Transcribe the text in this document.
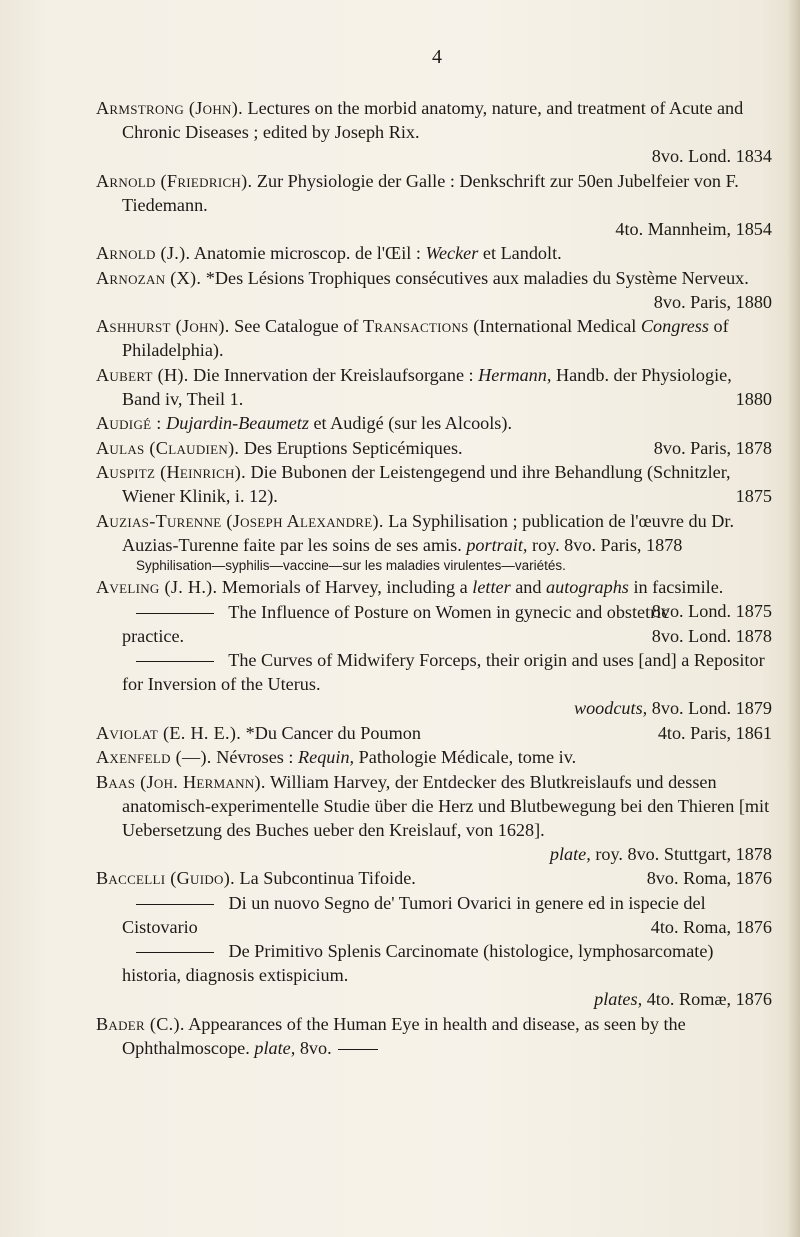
4

Armstrong (John). Lectures on the morbid anatomy, nature, and treatment of Acute and Chronic Diseases ; edited by Joseph Rix.
8vo. Lond. 1834

Arnold (Friedrich). Zur Physiologie der Galle : Denkschrift zur 50en Jubelfeier von F. Tiedemann.
4to. Mannheim, 1854

Arnold (J.). Anatomie microscop. de l'Œil : Wecker et Landolt.

Arnozan (X). *Des Lésions Trophiques consécutives aux maladies du Système Nerveux.
8vo. Paris, 1880

Ashhurst (John). See Catalogue of Transactions (International Medical Congress of Philadelphia).

Aubert (H). Die Innervation der Kreislaufsorgane : Hermann, Handb. der Physiologie, Band iv, Theil 1.	1880

Audigé : Dujardin-Beaumetz et Audigé (sur les Alcools).

Aulas (Claudien). Des Eruptions Septicémiques.	8vo. Paris, 1878

Auspitz (Heinrich). Die Bubonen der Leistengegend und ihre Behandlung (Schnitzler, Wiener Klinik, i. 12).	1875

Auzias-Turenne (Joseph Alexandre). La Syphilisation ; publication de l'œuvre du Dr. Auzias-Turenne faite par les soins de ses amis. portrait, roy. 8vo. Paris, 1878
Syphilisation—syphilis—vaccine—sur les maladies virulentes—variétés.

Aveling (J. H.). Memorials of Harvey, including a letter and autographs in facsimile.
8vo. Lond. 1875

The Influence of Posture on Women in gynecic and obstetric practice.	8vo. Lond. 1878

The Curves of Midwifery Forceps, their origin and uses [and] a Repositor for Inversion of the Uterus.
woodcuts, 8vo. Lond. 1879

Aviolat (E. H. E.). *Du Cancer du Poumon	4to. Paris, 1861

Axenfeld (—). Névroses : Requin, Pathologie Médicale, tome iv.

Baas (Joh. Hermann). William Harvey, der Entdecker des Blutkreislaufs und dessen anatomisch-experimentelle Studie über die Herz und Blutbewegung bei den Thieren [mit Uebersetzung des Buches ueber den Kreislauf, von 1628].
plate, roy. 8vo. Stuttgart, 1878

Baccelli (Guido). La Subcontinua Tifoide.	8vo. Roma, 1876

Di un nuovo Segno de' Tumori Ovarici in genere ed in ispecie del Cistovario	4to. Roma, 1876

De Primitivo Splenis Carcinomate (histologice, lymphosarcomate) historia, diagnosis extispicium.
plates, 4to. Romæ, 1876

Bader (C.). Appearances of the Human Eye in health and disease, as seen by the Ophthalmoscope. plate, 8vo.
